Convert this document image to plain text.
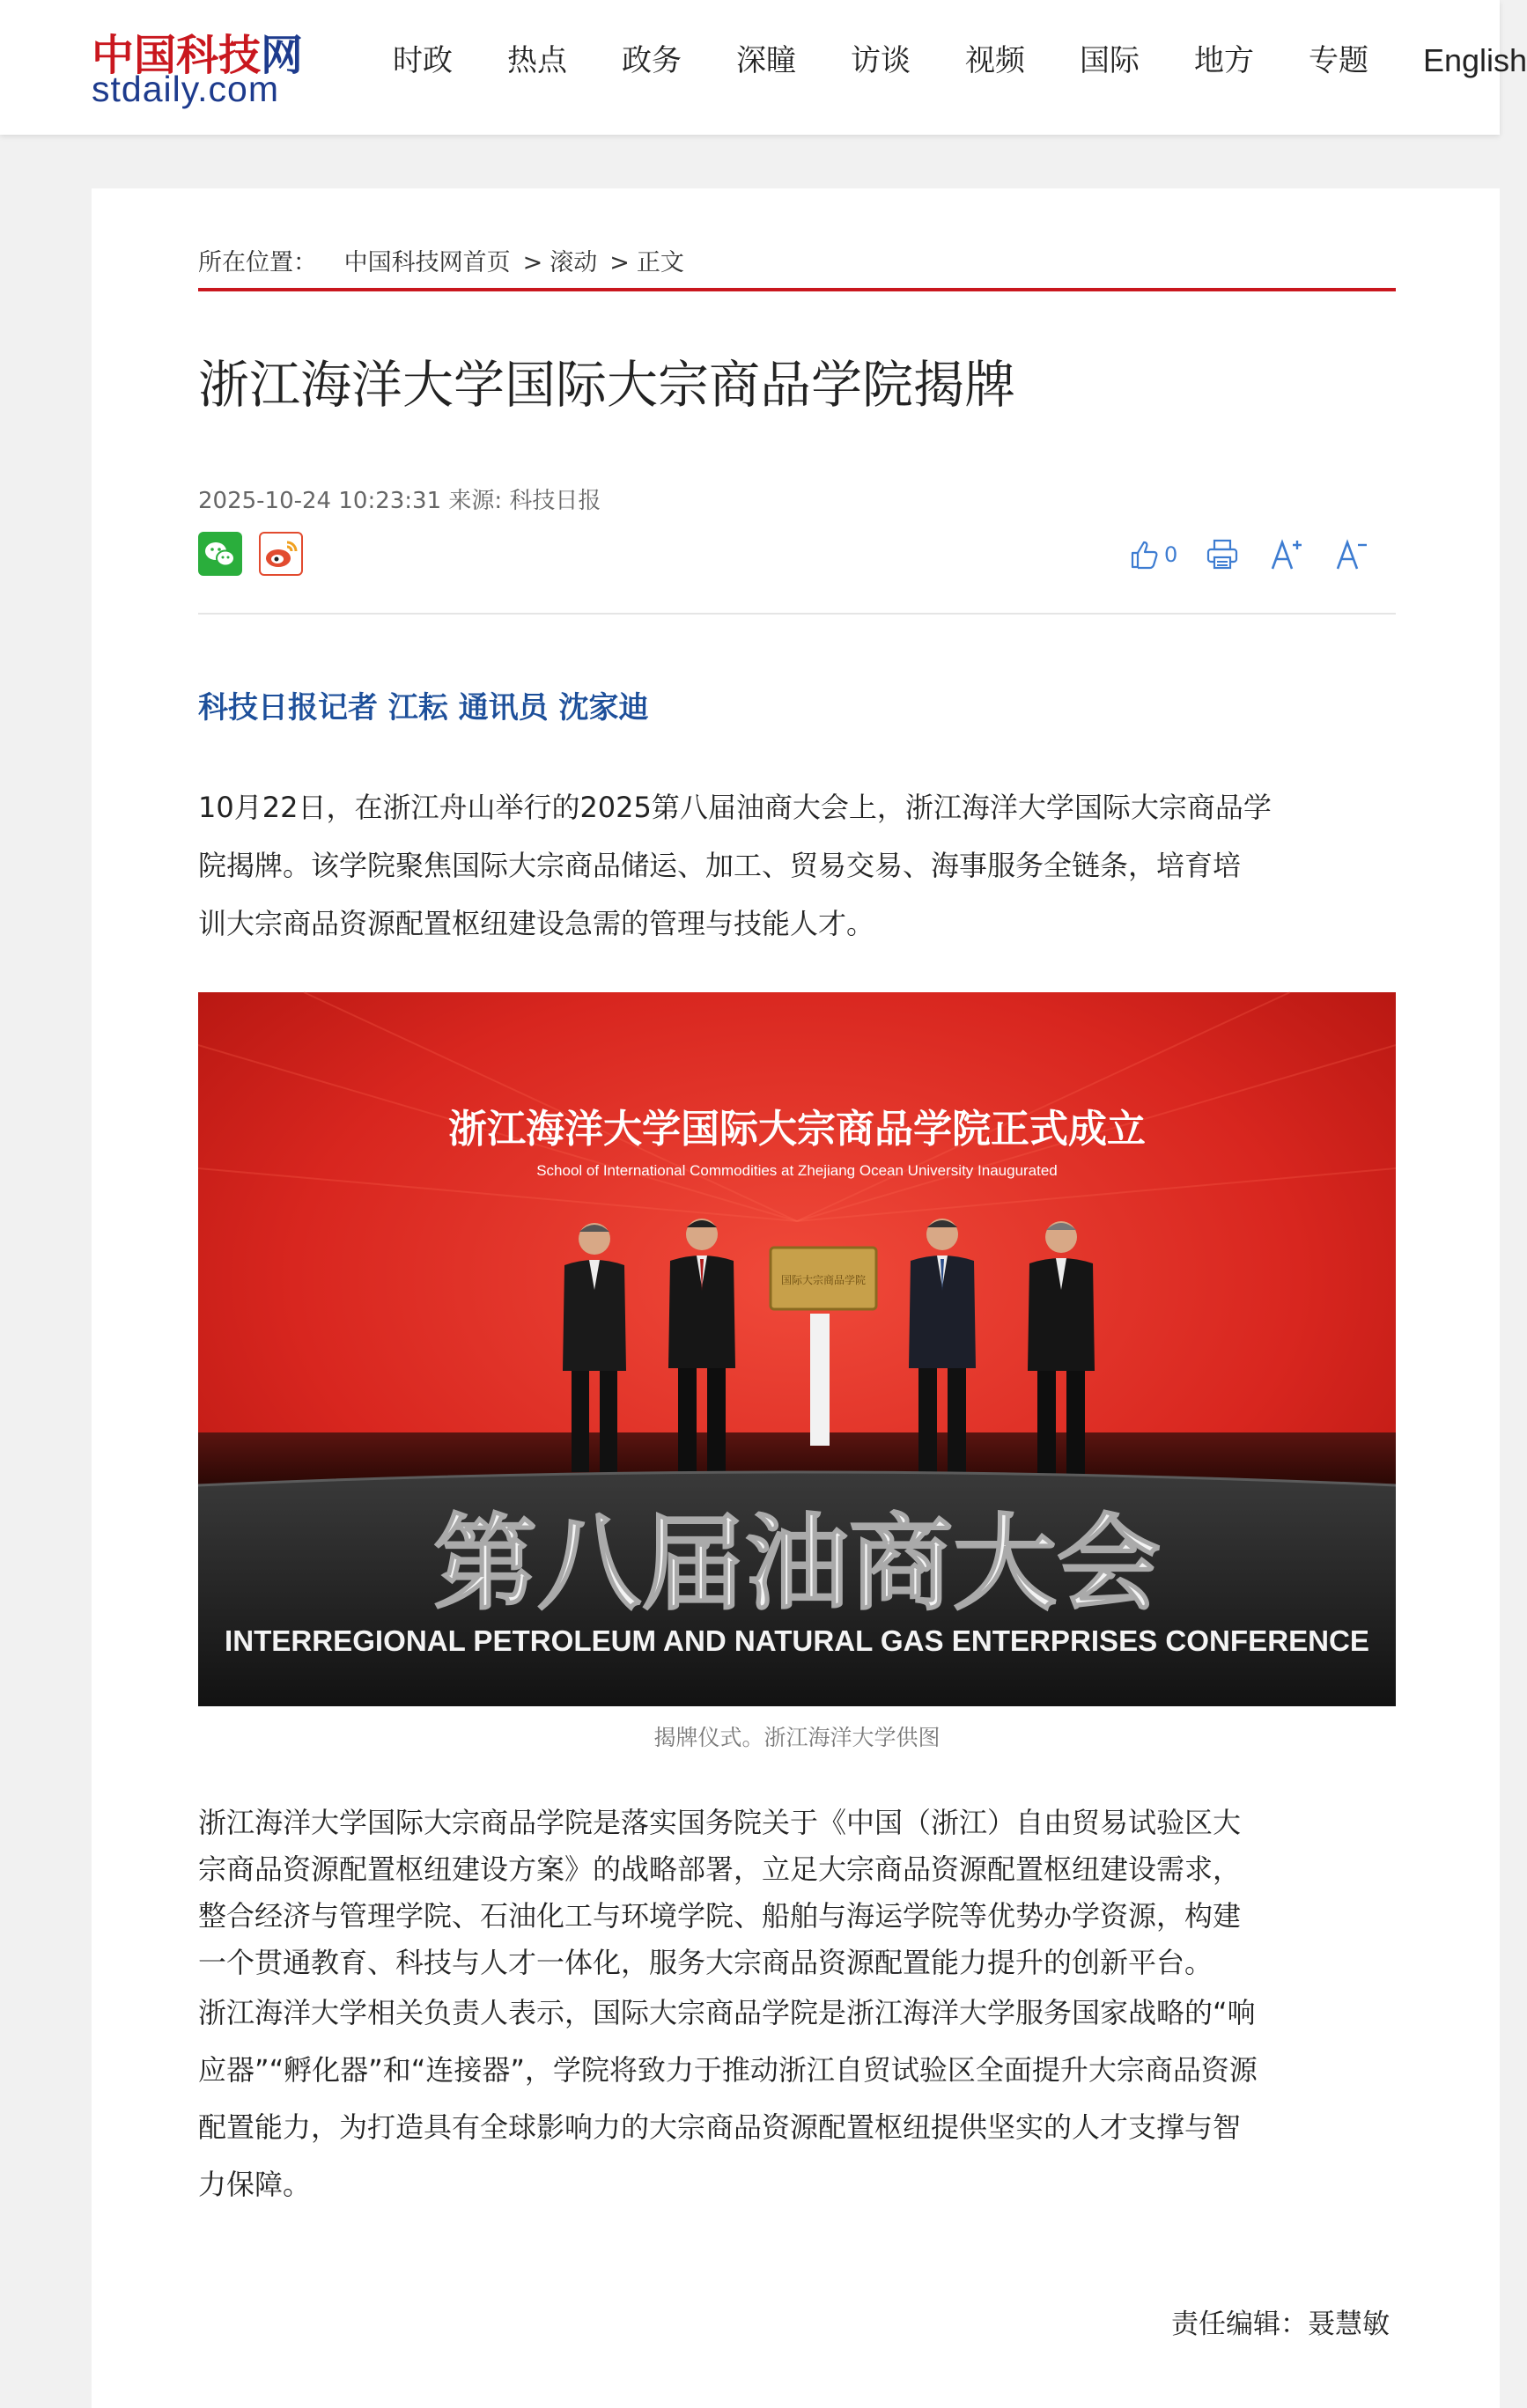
中国科技网
stdaily.com
时政 热点 政务 深瞳 访谈 视频 国际 地方 专题 English
所在位置： 中国科技网首页 > 滚动 > 正文
浙江海洋大学国际大宗商品学院揭牌
2025-10-24 10:23:31 来源: 科技日报
0
科技日报记者 江耘 通讯员 沈家迪

10月22日，在浙江舟山举行的2025第八届油商大会上，浙江海洋大学国际大宗商品学
院揭牌。该学院聚焦国际大宗商品储运、加工、贸易交易、海事服务全链条，培育培
训大宗商品资源配置枢纽建设急需的管理与技能人才。

浙江海洋大学国际大宗商品学院正式成立
School of International Commodities at Zhejiang Ocean University Inaugurated
国际大宗商品学院
第八届油商大会
INTERREGIONAL PETROLEUM AND NATURAL GAS ENTERPRISES CONFERENCE
揭牌仪式。浙江海洋大学供图

浙江海洋大学国际大宗商品学院是落实国务院关于《中国（浙江）自由贸易试验区大
宗商品资源配置枢纽建设方案》的战略部署，立足大宗商品资源配置枢纽建设需求，
整合经济与管理学院、石油化工与环境学院、船舶与海运学院等优势办学资源，构建
一个贯通教育、科技与人才一体化，服务大宗商品资源配置能力提升的创新平台。

浙江海洋大学相关负责人表示，国际大宗商品学院是浙江海洋大学服务国家战略的“响
应器”“孵化器”和“连接器”，学院将致力于推动浙江自贸试验区全面提升大宗商品资源
配置能力，为打造具有全球影响力的大宗商品资源配置枢纽提供坚实的人才支撑与智
力保障。

责任编辑：聂慧敏
